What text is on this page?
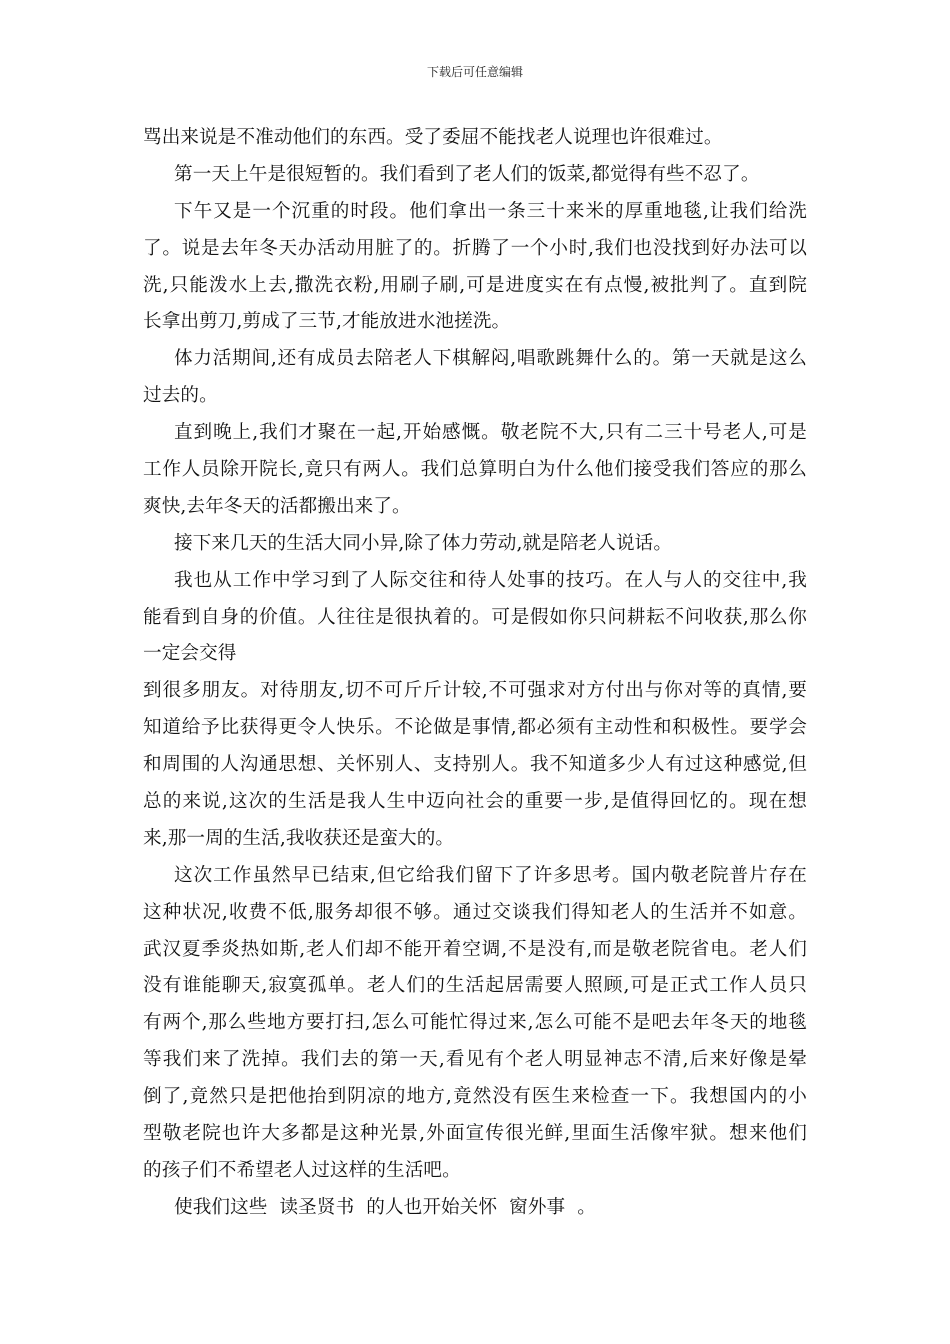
下载后可任意编辑
骂出来说是不准动他们的东西。受了委屈不能找老人说理也许很难过。
第一天上午是很短暂的。我们看到了老人们的饭菜,都觉得有些不忍了。
下午又是一个沉重的时段。他们拿出一条三十来米的厚重地毯,让我们给洗
了。说是去年冬天办活动用脏了的。折腾了一个小时,我们也没找到好办法可以
洗,只能泼水上去,撒洗衣粉,用刷子刷,可是进度实在有点慢,被批判了。直到院
长拿出剪刀,剪成了三节,才能放进水池搓洗。
体力活期间,还有成员去陪老人下棋解闷,唱歌跳舞什么的。第一天就是这么
过去的。
直到晚上,我们才聚在一起,开始感慨。敬老院不大,只有二三十号老人,可是
工作人员除开院长,竟只有两人。我们总算明白为什么他们接受我们答应的那么
爽快,去年冬天的活都搬出来了。
接下来几天的生活大同小异,除了体力劳动,就是陪老人说话。
我也从工作中学习到了人际交往和待人处事的技巧。在人与人的交往中,我
能看到自身的价值。人往往是很执着的。可是假如你只问耕耘不问收获,那么你
一定会交得
到很多朋友。对待朋友,切不可斤斤计较,不可强求对方付出与你对等的真情,要
知道给予比获得更令人快乐。不论做是事情,都必须有主动性和积极性。要学会
和周围的人沟通思想、关怀别人、支持别人。我不知道多少人有过这种感觉,但
总的来说,这次的生活是我人生中迈向社会的重要一步,是值得回忆的。现在想
来,那一周的生活,我收获还是蛮大的。
这次工作虽然早已结束,但它给我们留下了许多思考。国内敬老院普片存在
这种状况,收费不低,服务却很不够。通过交谈我们得知老人的生活并不如意。
武汉夏季炎热如斯,老人们却不能开着空调,不是没有,而是敬老院省电。老人们
没有谁能聊天,寂寞孤单。老人们的生活起居需要人照顾,可是正式工作人员只
有两个,那么些地方要打扫,怎么可能忙得过来,怎么可能不是吧去年冬天的地毯
等我们来了洗掉。我们去的第一天,看见有个老人明显神志不清,后来好像是晕
倒了,竟然只是把他抬到阴凉的地方,竟然没有医生来检查一下。我想国内的小
型敬老院也许大多都是这种光景,外面宣传很光鲜,里面生活像牢狱。想来他们
的孩子们不希望老人过这样的生活吧。
使我们这些  读圣贤书  的人也开始关怀  窗外事  。
